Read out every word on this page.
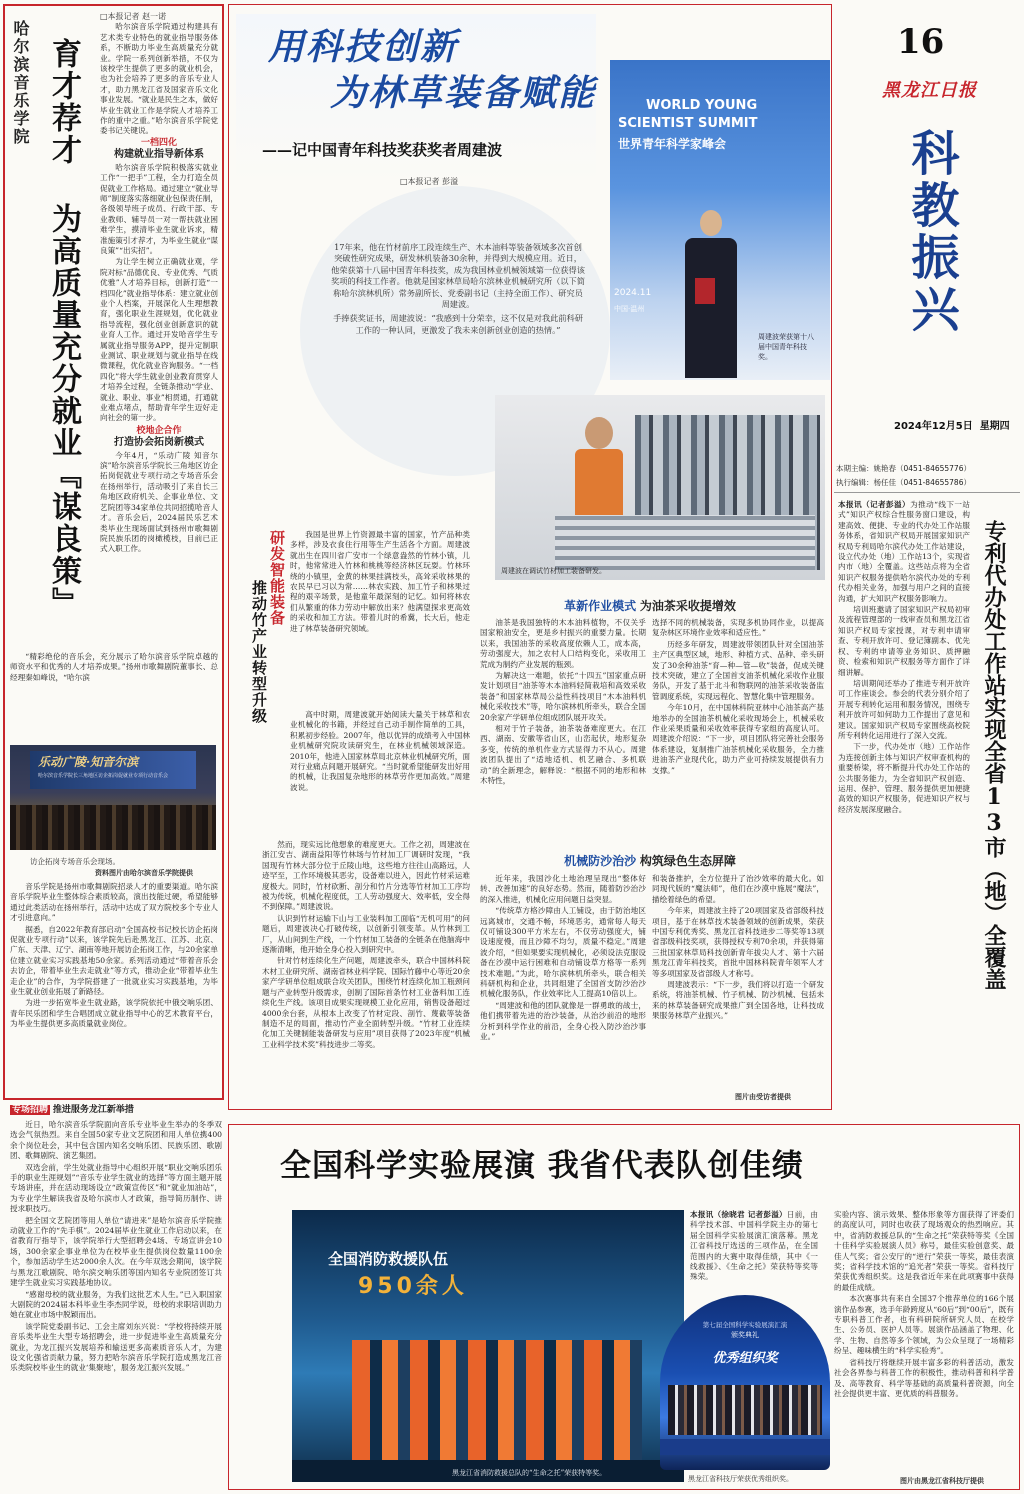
16
黑龙江日报
科教振兴
2024年12月5日 星期四
本期主编：姚艳春（0451-84655776）
执行编辑：杨任佳（0451-84655786）
哈尔滨音乐学院 育才荐才 为高质量充分就业『谋良策』
□本报记者 赵一诺

哈尔滨音乐学院通过构建具有艺术类专业特色的就业指导服务体系，不断助力毕业生高质量充分就业。学院一系列创新举措，不仅为该校学生提供了更多的就业机会，也为社会培养了更多的音乐专业人才，助力黑龙江省及国家音乐文化事业发展。“就业是民生之本，做好毕业生就业工作是学院人才培养工作的重中之重。”哈尔滨音乐学院党委书记关键说。

一档四化
构建就业指导新体系

哈尔滨音乐学院积极落实就业工作“一把手”工程，全力打造全员促就业工作格局。通过建立“就业导师”制度落实落细就业包保责任制，各级领导班子成员、行政干部、专业教师、辅导员一对一帮扶就业困难学生，摸清毕业生就业诉求，精准施策引才荐才，为毕业生就业“谋良策”“出实招”。

为让学生树立正确就业观，学院对标“品德优良、专业优秀、气质优雅”人才培养目标，创新打造“一档四化”就业指导体系：建立就业创业个人档案，开展深化人生理想教育，强化职业生涯规划，优化就业指导流程，强化创业创新意识的就业育人工作。通过开发哈音学生专属就业指导服务APP，提升定制职业测试、职业规划与就业指导在线微课程，优化就业咨询服务。“一档四化”将大学生就业创业教育贯穿人才培养全过程，全链条推动“学业、就业、职业、事业”相贯通，打通就业难点堵点，帮助青年学生迈好走向社会的第一步。

校地企合作
打造协会拓岗新模式

今年4月，“乐动广陵 知音尔滨”哈尔滨音乐学院长三角地区访企拓岗促就业专项行动之专场音乐会在扬州举行，活动吸引了来自长三角地区政府机关、企事业单位、文艺院团等34家单位共同招揽哈音人才。音乐会后，2024届民乐艺术类毕业生现场面试到扬州市歌舞剧院民族乐团的岗橄榄枝，目前已正式入职工作。

“精彩绝伦的音乐会，充分展示了哈尔滨音乐学院卓越的师资水平和优秀的人才培养成果。”扬州市歌舞剧院董事长、总经理秦如峰说，“哈尔滨

乐动广陵·知音尔滨
哈尔滨音乐学院长三角地区访企拓岗促就业专项行动音乐会
访企拓岗专场音乐会现场。
资料图片由哈尔滨音乐学院提供

音乐学院是扬州市歌舞剧院招录人才的重要渠道。哈尔滨音乐学院毕业生整体综合素质较高，演出技能过硬，希望能够通过此类活动在扬州举行，活动中达成了双方院校多个专业人才引进意向。”

据悉，自2022年教育部启动“全国高校书记校长访企拓岗促就业专项行动”以来，该学院先后赴黑龙江、江苏、北京、广东、天津、辽宁、湖南等地开展访企拓岗工作，与20余家单位建立就业实习实践基地50余家。系列活动通过“带着音乐会去访企，带着毕业生去走就业”等方式，推动企业“带着毕业生走企业”的合作，为学院搭建了一批就业实习实践基地，为毕业生就业创业拓展了新路径。

为进一步拓宽毕业生就业路，该学院依托中俄交响乐团、青年民乐团和学生合唱团成立就业指导中心的艺术教育平台，为毕业生提供更多高质量就业岗位。

专场招聘 推进服务龙江新举措

近日，哈尔滨音乐学院面向音乐专业毕业生举办的冬季双选会气氛热烈。来自全国50家专业文艺院团和用人单位携400余个岗位赴会，其中包含国内知名交响乐团、民族乐团、歌剧团、歌舞剧院、演艺集团。

双选会前，学生处就业指导中心组织开展“职业交响乐团乐手的职业生涯规划”“音乐专业学生就业的选择”等方面主题开展专场讲座，并在活动现场设立“政策宣传区”和“就业加油站”，为专业学生解读我省及哈尔滨市人才政策，指导简历制作、讲授求职技巧。

把全国文艺院团等用人单位“请进来”是哈尔滨音乐学院推动就业工作的“先手棋”。2024届毕业生就业工作启动以来，在省教育厅指导下，该学院举行大型招聘会4场、专场宣讲会10场，300余家企事业单位为在校毕业生提供岗位数量1100余个，参加活动学生达2000余人次。在今年双选会期间，该学院与黑龙江歌剧院、哈尔滨交响乐团等国内知名专业院团签订共建学生就业实习实践基地协议。

“感谢母校的就业服务，为我们这批艺术人生。”已入职国家大剧院的2024届本科毕业生李杰同学说，母校的求职培训助力她在就业市场中脱颖而出。

该学院党委副书记、工会主席刘东兴说：“学校将持续开展音乐类毕业生大型专场招聘会，进一步促进毕业生高质量充分就业，为龙江振兴发展培养和输送更多高素质音乐人才，为建设文化强省贡献力量，努力把哈尔滨音乐学院打造成黑龙江音乐类院校毕业生的就业‘集聚地’，服务龙江振兴发展。”

用科技创新
为林草装备赋能
——记中国青年科技奖获奖者周建波
□本报记者 彭溢
WORLD YOUNG
SCIENTIST SUMMIT
世界青年科学家峰会
2024.11
中国·温州
周建波荣获第十八届中国青年科技奖。

17年来，他在竹材前序工段连续生产、木本油料等装备领域多次首创突破性研究成果，研发林机装备30余种，并得到大规模应用。近日，他荣获第十八届中国青年科技奖，成为我国林业机械领域第一位获得该奖项的科技工作者。他就是国家林草局哈尔滨林业机械研究所（以下简称哈尔滨林机所）常务副所长、党委副书记（主持全面工作）、研究员周建波。

手捧获奖证书，周建波说：“我感到十分荣幸，这不仅是对我此前科研工作的一种认同，更激发了我未来创新创业创造的热情。”

周建波在调试竹材加工装备研发。
研发智能装备
推动竹产业转型升级

我国是世界上竹资源最丰富的国家，竹产品种类多样，涉及衣食住行用等生产生活各个方面。周建波就出生在四川省广安市一个绿意盎然的竹林小镇，儿时，他常常进入竹林和桃桃等经济林区玩耍。竹林环绕的小镇里，金黄的林果挂满枝头，高耸采收林果的农民早已习以为常……林农实践、加工竹子和林果过程的艰辛场景，是他童年最深刻的记忆。如何将林农们从繁重的体力劳动中解放出来？他满望探求更高效的采收和加工方法。带着儿时的希冀，长大后，他走进了林草装备研究领域。

高中时期，周建波就开始阅读大量关于林草和农业机械化的书籍，并经过自己动手制作简单的工具，积累初步经验。2007年，他以优异的成绩考入中国林业机械研究院攻读研究生，在林业机械领域深造。2010年，他进入国家林草局北京林业机械研究所，面对行业痛点间题开展研究。“当时就希望能研发出好用的机械，让我国复杂地形的林草劳作更加高效。”周建波说。

然而，现实远比他想象的难度更大。工作之初，周建波在浙江安吉、湖南益阳等竹林场与竹材加工厂调研时发现，“我国现有竹林大部分位于丘陵山地，这些地方往往山高路远，人迹罕至，工作环境极其恶劣，设备难以进入，因此竹材采运难度极大。同时，竹材砍断、剖分和竹片分选等竹材加工工序均被为传统，机械化程度低，工人劳动强度大、效率低，安全得不到保障。”周建波说。

认识到竹材运输下山与工业装料加工面临“无机可用”的问题后，周建波决心打破传统，以创新引领变革。从竹林到工厂，从山间到生产线，一个竹材加工装备的全链条在他脑海中逐渐清晰，他开始全身心投入到研究中。

针对竹材连续化生产问题，周建波牵头，联合中国林科院木材工业研究所、湖南省林业科学院、国际竹藤中心等近20余家产学研单位组成联合攻关团队，围绕竹材连续化加工瓶颈问题与产业转型升级需求，创制了国际首条竹材工业备料加工连续化生产线。该项目成果实现规模工业化应用，销售设备超过4000余台套，从根本上改变了竹材定段、剖竹、蔑截等装备制造不足的局面，推动竹产业全面转型升级。“竹材工业连续化加工关键制能装备研发与应用”项目获得了2023年度“机械工业科学技术奖”科技进步二等奖。

革新作业模式 为油茶采收提增效

油茶是我国独特的木本油料植物，不仅关乎国家粮油安全，更是乡村振兴的重要力量。长期以来，我国油茶的采收高度依赖人工，成本高，劳动强度大，加之农村人口结构变化，采收用工荒成为制约产业发展的瓶颈。

为解决这一难题，依托“十四五”国家重点研发计划项目“油茶等木本油料轻简栽培和高效采收装备”和国家林草局公益性科技项目“木本油料机械化采收技术”等，哈尔滨林机所牵头，联合全国20余家产学研单位组成团队展开攻关。

相对于竹子装备，油茶装备难度更大。在江西、湖南、安徽等省山区，山峦起伏，地形复杂多变，传统的单机作业方式显得力不从心。周建波团队提出了“适地适机、机艺融合、多机联动”的全新理念，解释说：“根据不同的地形和林木特性，

选择不同的机械装备，实现多机协同作业，以提高复杂林区环境作业效率和适应性。”

历经多年研发，周建波带领团队针对全国油茶主产区典型区域，地形、种植方式、品种、牵头研发了30余种油茶“育—种—管—收”装备，促成关键技术突破，建立了全国首支油茶机械化采收作业服务队，开发了基于北斗和物联网的油茶采收装备监管调度系统，实现远程化、智慧化集中管理服务。

今年10月，在中国林科院亚林中心油茶高产基地举办的全国油茶机械化采收现场会上，机械采收作业采果质量和采收效率获得专家组的高度认可。周建波介绍说：“下一步，项目团队将完善社会服务体系建设，复制推广油茶机械化采收服务，全力推进油茶产业现代化，助力产业可持续发展提供有力支撑。”

机械防沙治沙 构筑绿色生态屏障

近年来，我国沙化土地治理呈现出“整体好转、改善加速”的良好态势。然而，随着防沙治沙的深入推进，机械化应用问题日益突显。

“传统草方格沙障由人工铺设，由于防治地区远离城市，交通不畅，环境恶劣，通常每人每天仅可铺设300平方米左右，不仅劳动强度大，铺设速度慢，而且沙障不均匀，质量不稳定。”周建波介绍，“但如果要实现机械化，必须设法克服设备在沙漠中运行困难和自动铺设草方格等一系列技术难题。”为此，哈尔滨林机所牵头，联合相关科研机构和企业，共同组建了全国首支防沙治沙机械化服务队，作业效率比人工提高10倍以上。

“周建波和他的团队就像是一群勇敢的战士，他们携带着先进的治沙装备，从治沙前沿的地形分析到科学作业的前沿，全身心投入防沙治沙事业。”

和装备推护，全方位提升了治沙效率的最大化。如同现代版的“魔法师”，他们在沙漠中施展“魔法”，描绘着绿色的希望。

今年来，周建波主持了20项国家及省部级科技项目，基于在林草技术装备领域的创新成果，荣获中国专利优秀奖、黑龙江省科技进步二等奖等13项省部级科技奖项，获得授权专利70余项，并获得第三批国家林草局科技创新青年拔尖人才、第十六届黑龙江青年科技奖，首批中国林科院青年领军人才等多项国家及省部级人才称号。

周建波表示：“下一步，我们将以打造一个研发系统，将油茶机械、竹子机械、防沙机械、包括未来的林草装备研究成果推广到全国各地，让科技成果服务林草产业振兴。”

图片由受访者提供
专利代办处工作站实现全省13市（地）全覆盖

本报讯（记者彭溢）为推动“线下一站式”知识产权综合性服务窗口建设，构建高效、便捷、专业的代办处工作站服务体系，省知识产权局开展国家知识产权局专利局哈尔滨代办处工作站建设，设立代办处（地）工作站13个，实现省内市（地）全覆盖。这些站点将为全省知识产权服务提供哈尔滨代办处的专利代办相关业务，加强与用户之间的直接沟通，扩大知识产权服务影响力。

培训班邀请了国家知识产权局初审及流程管理部的一线审查员和黑龙江省知识产权局专家授课，对专利申请审查、专利开放许可、登记簿副本、优先权、专利的申请等业务知识、质押融资、检索和知识产权服务等方面作了详细讲解。

培训期间还举办了推进专利开放许可工作座谈会。参会的代表分别介绍了开展专利转化运用和服务情况，围绕专利开放许可如何助力工作提出了意见和建议。国家知识产权局专家围绕高校院所专利转化运用进行了深入交流。

下一步，代办处市（地）工作站作为连接创新主体与知识产权审查机构的重要桥梁，将不断提升代办处工作站的公共服务能力，为全省知识产权创造、运用、保护、管理、服务提供更加便捷高效的知识产权服务，促进知识产权与经济发展深度融合。

全国科学实验展演 我省代表队创佳绩
全国消防救援队伍
950余人
黑龙江省消防救援总队的“生命之托”荣获特等奖。
第七届全国科学实验展演汇演
颁奖典礼
优秀组织奖
黑龙江省科技厅荣获优秀组织奖。

本报讯（徐晓君 记者彭溢）日前，由科学技术部、中国科学院主办的第七届全国科学实验展演汇演落幕。黑龙江省科技厅选送的三项作品，在全国范围内的大赛中取得佳绩，其中《一线救援》、《生命之托》荣获特等奖等殊荣。

实验内容、演示效果、整体形象等方面获得了评委们的高度认可，同时也收获了现场观众的热烈响应。其中，省消防救援总队的“生命之托”荣获特等奖《全国十佳科学实验展演人员》称号，最佳实验创意奖、最佳人气奖；省公安厅的“逆行”荣获一等奖，最佳表演奖；省科学技术馆的“追光者”荣获一等奖。省科技厅荣获优秀组织奖。这是我省近年来在此项赛事中获得的最佳成绩。

本次赛事共有来自全国37个推荐单位的166个展演作品参赛，选手年龄跨度从“60后”到“00后”，既有专职科普工作者，也有科研院所研究人员、在校学生、公务员、医护人员等。展演作品涵盖了物理、化学、生物、自然等多个领域，为公众呈现了一场精彩纷呈、趣味横生的“科学实验秀”。

省科技厅将继续开展丰富多彩的科普活动，激发社会各界参与科普工作的积极性，推动科普和科学普及、高等教育、科学等基础的高质量科普资源，向全社会提供更丰富、更优质的科普服务。

图片由黑龙江省科技厅提供
